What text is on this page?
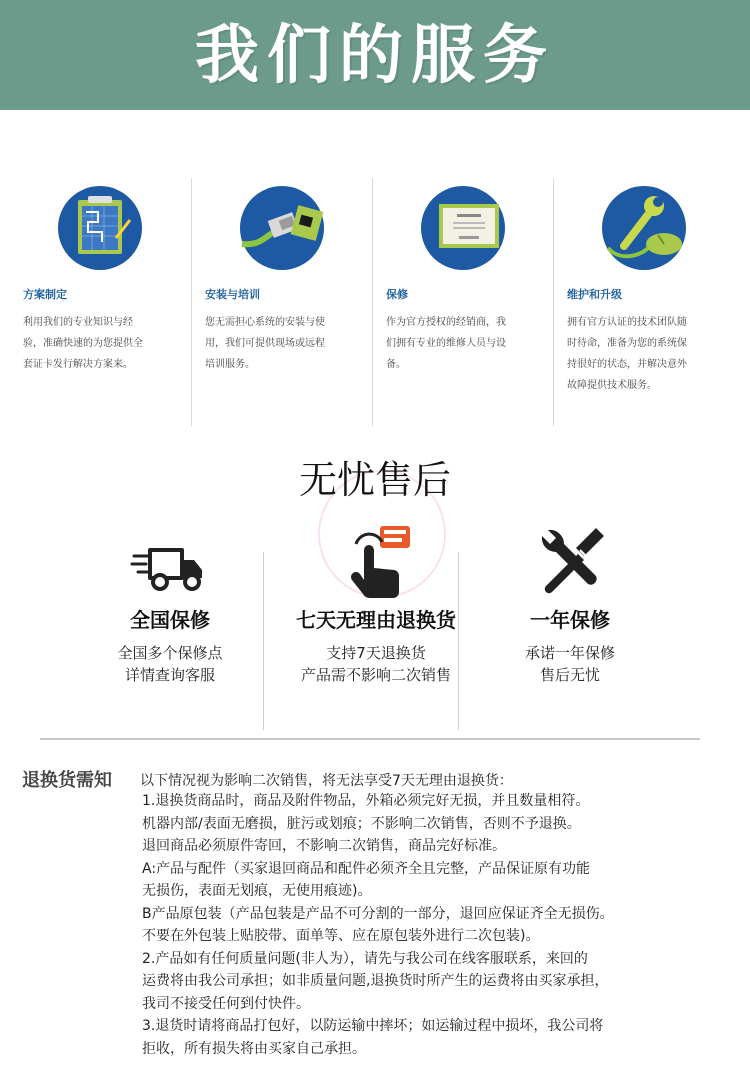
我们的服务
方案制定
利用我们的专业知识与经
验，准确快速的为您提供全
套证卡发行解决方案来。
安装与培训
您无需担心系统的安装与使
用，我们可提供现场或远程
培训服务。
保修
作为官方授权的经销商，我
们拥有专业的维修人员与设
备。
维护和升级
拥有官方认证的技术团队随
时待命，准备为您的系统保
持很好的状态，并解决意外
故障提供技术服务。
无忧售后
全国保修
全国多个保修点
详情查询客服
七天无理由退换货
支持7天退换货
产品需不影响二次销售
一年保修
承诺一年保修
售后无忧
退换货需知 以下情况视为影响二次销售，将无法享受7天无理由退换货：
1.退换货商品时，商品及附件物品，外箱必须完好无损，并且数量相符。
机器内部/表面无磨损，脏污或划痕；不影响二次销售，否则不予退换。
退回商品必须原件寄回，不影响二次销售，商品完好标准。
A:产品与配件（买家退回商品和配件必须齐全且完整，产品保证原有功能
无损伤，表面无划痕，无使用痕迹)。
B产品原包装（产品包装是产品不可分割的一部分，退回应保证齐全无损伤。
不要在外包装上贴胶带、面单等、应在原包装外进行二次包装)。
2.产品如有任何质量问题(非人为），请先与我公司在线客服联系，来回的
运费将由我公司承担；如非质量问题,退换货时所产生的运费将由买家承担，
我司不接受任何到付快件。
3.退货时请将商品打包好，以防运输中摔坏；如运输过程中损坏，我公司将
拒收，所有损失将由买家自己承担。
